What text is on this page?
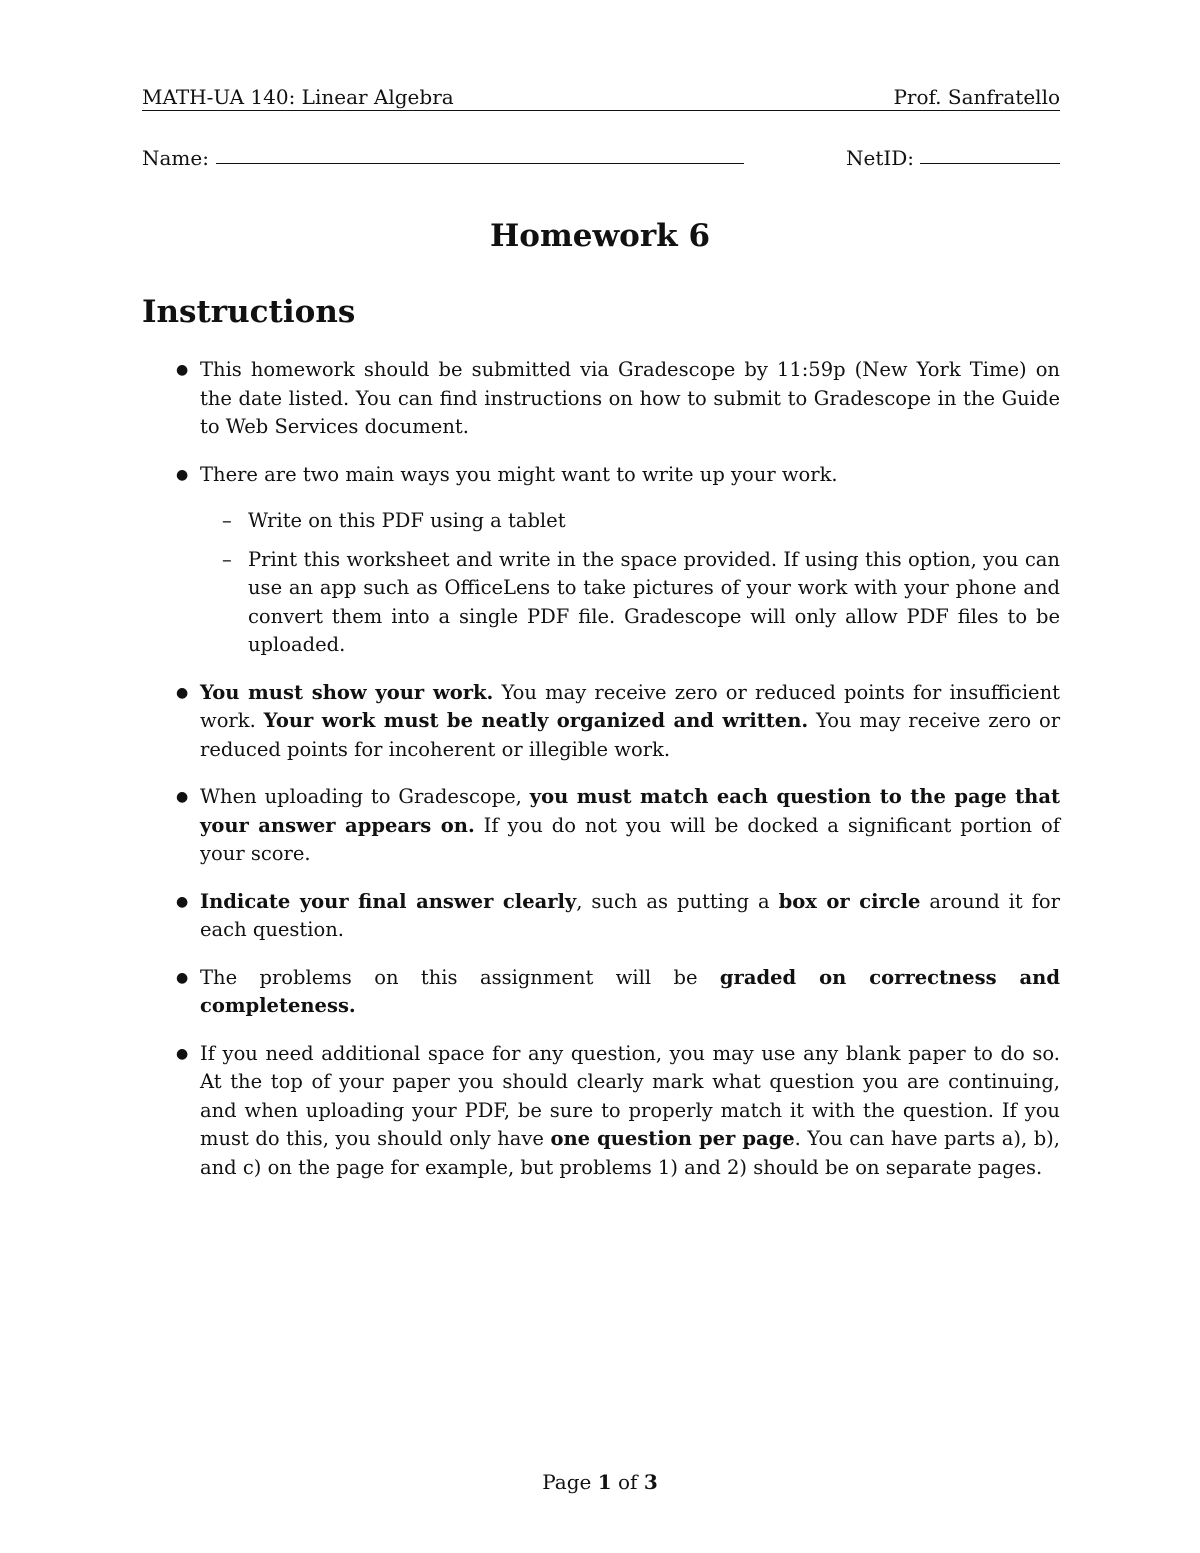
MATH-UA 140: Linear Algebra	Prof. Sanfratello
Name:	NetID:
Homework 6
Instructions
● This homework should be submitted via Gradescope by 11:59p (New York Time) on the date listed. You can find instructions on how to submit to Gradescope in the Guide to Web Services document.
● There are two main ways you might want to write up your work.
– Write on this PDF using a tablet
– Print this worksheet and write in the space provided. If using this option, you can use an app such as OfficeLens to take pictures of your work with your phone and convert them into a single PDF file. Gradescope will only allow PDF files to be uploaded.
● You must show your work. You may receive zero or reduced points for insufficient work. Your work must be neatly organized and written. You may receive zero or reduced points for incoherent or illegible work.
● When uploading to Gradescope, you must match each question to the page that your answer appears on. If you do not you will be docked a significant portion of your score.
● Indicate your final answer clearly, such as putting a box or circle around it for each question.
● The problems on this assignment will be graded on correctness and completeness.
● If you need additional space for any question, you may use any blank paper to do so. At the top of your paper you should clearly mark what question you are continuing, and when uploading your PDF, be sure to properly match it with the question. If you must do this, you should only have one question per page. You can have parts a), b), and c) on the page for example, but problems 1) and 2) should be on separate pages.
Page 1 of 3
